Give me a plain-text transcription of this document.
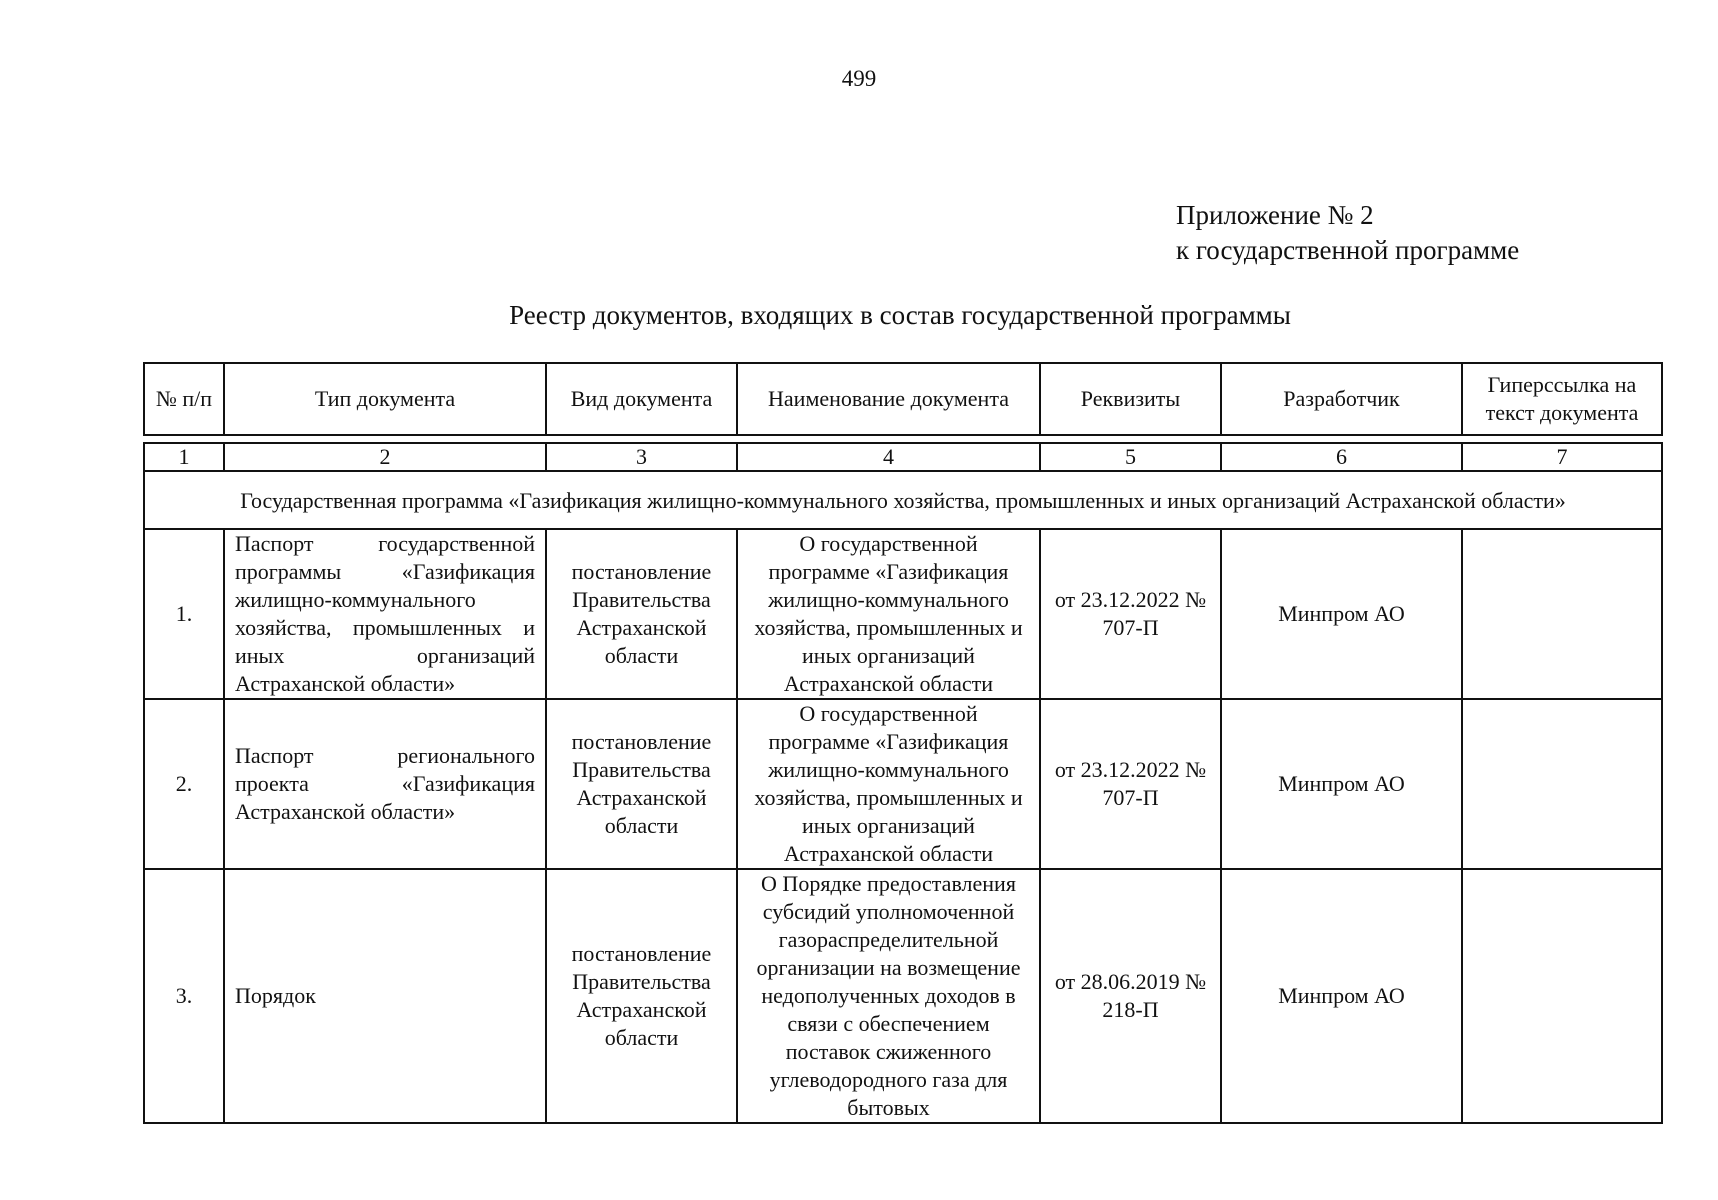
499
Приложение № 2
к государственной программе
Реестр документов, входящих в состав государственной программы
№ п/п	Тип документа	Вид документа	Наименование документа	Реквизиты	Разработчик	Гиперссылка на текст документа

1	2	3	4	5	6	7
Государственная программа «Газификация жилищно-коммунального хозяйства, промышленных и иных организаций Астраханской области»						
1.	Паспорт государственной программы «Газификация жилищно-коммунального хозяйства, промышленных и иных организаций Астраханской области»	постановление Правительства Астраханской области	О государственной программе «Газификация жилищно-коммунального хозяйства, промышленных и иных организаций Астраханской области	от 23.12.2022 № 707-П	Минпром АО	
2.	Паспорт регионального проекта «Газификация Астраханской области»	постановление Правительства Астраханской области	О государственной программе «Газификация жилищно-коммунального хозяйства, промышленных и иных организаций Астраханской области	от 23.12.2022 № 707-П	Минпром АО	
3.	Порядок	постановление Правительства Астраханской области	О Порядке предоставления субсидий уполномоченной газораспределительной организации на возмещение недополученных доходов в связи с обеспечением поставок сжиженного углеводородного газа для бытовых	от 28.06.2019 № 218-П	Минпром АО	
